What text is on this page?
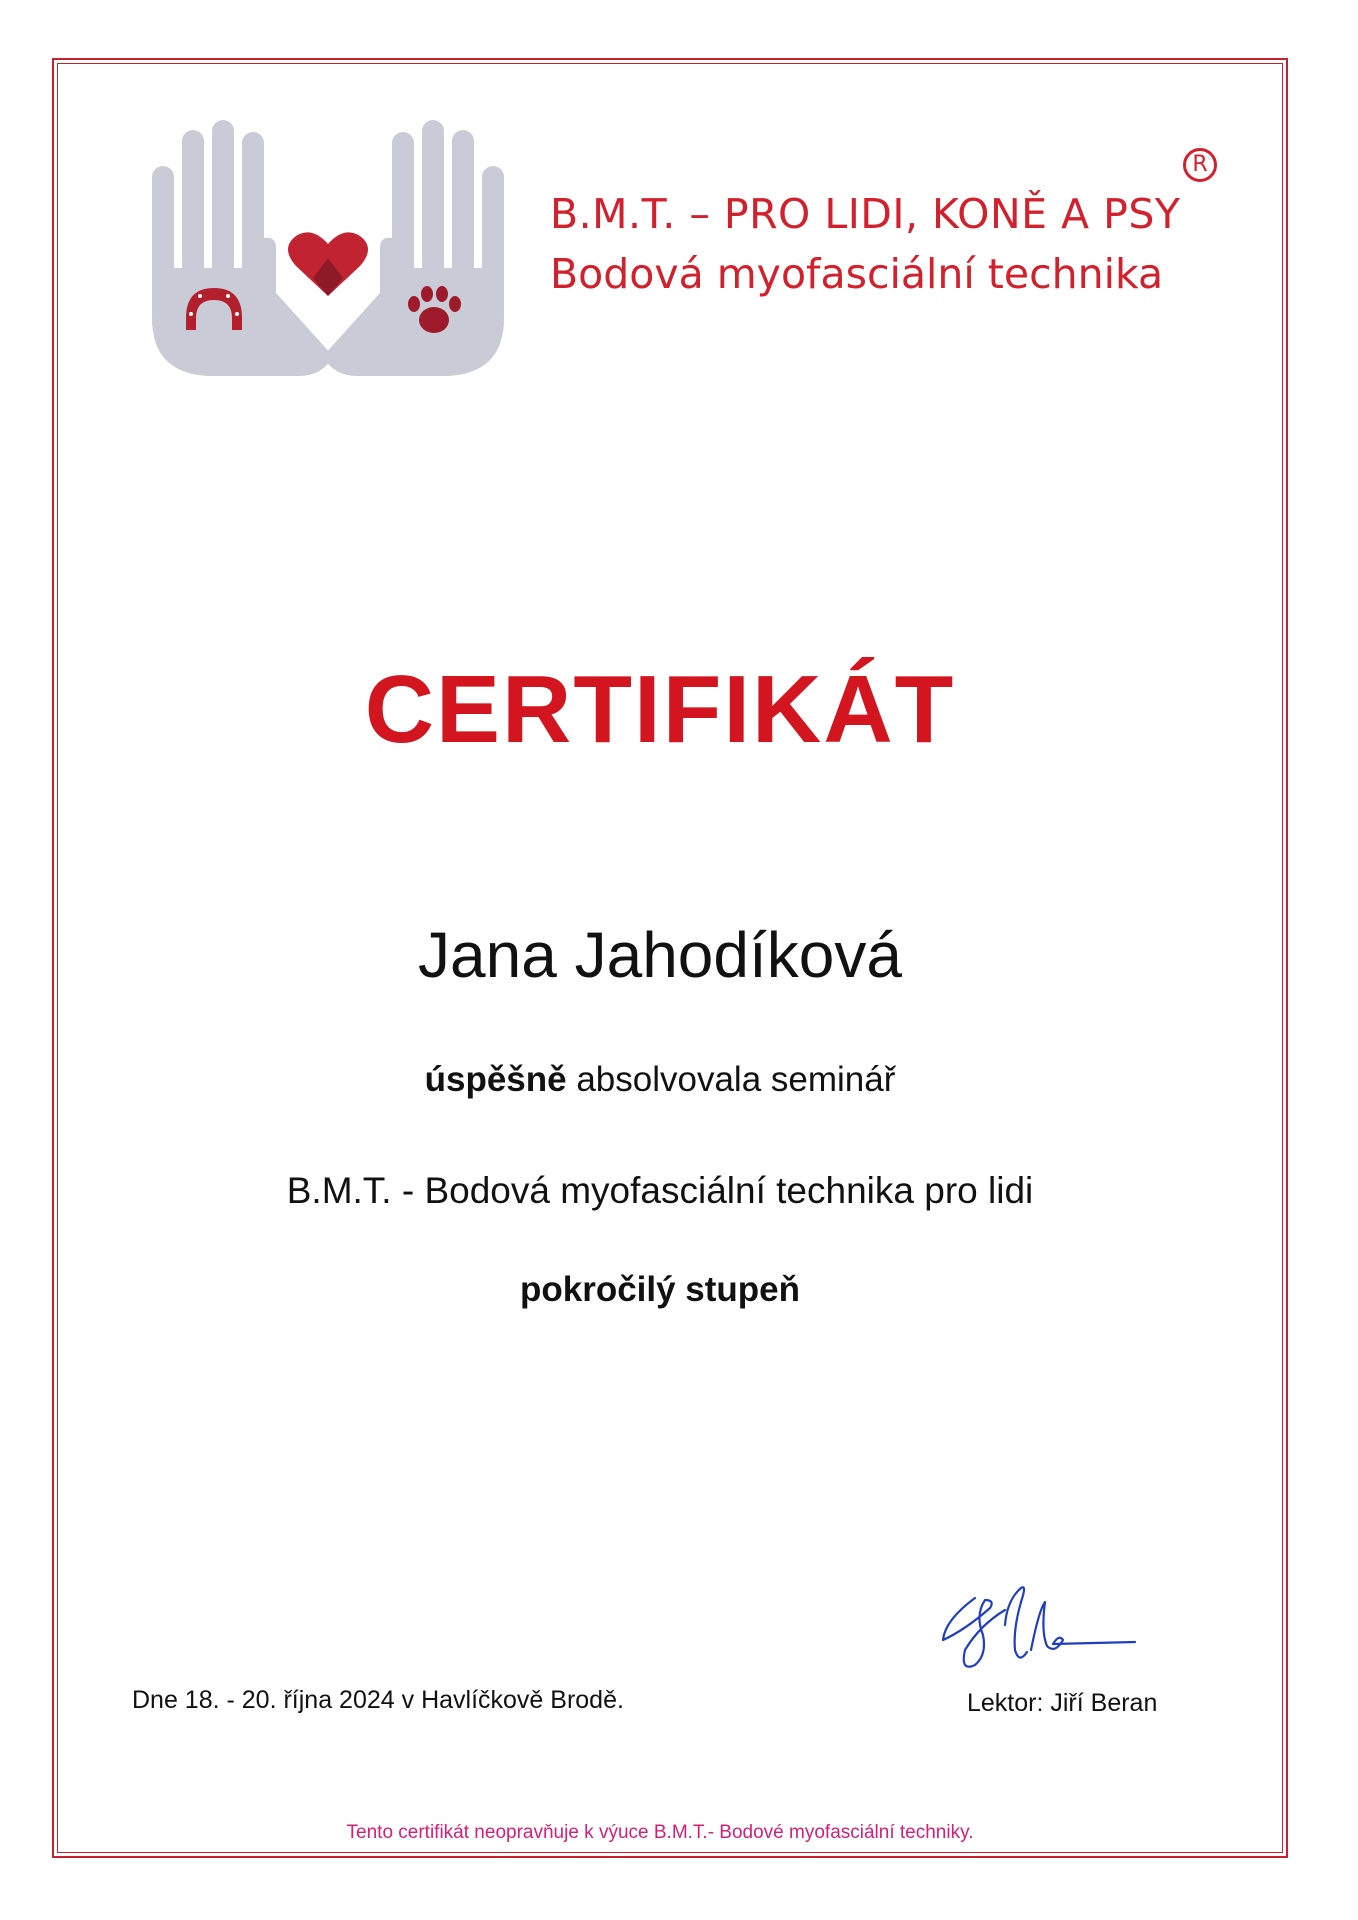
B.M.T. – PRO LIDI, KONĚ A PSY
Bodová myofasciální technika
R
CERTIFIKÁT
Jana Jahodíková
úspěšně absolvovala seminář
B.M.T. - Bodová myofasciální technika pro lidi
pokročilý stupeň
Dne 18. - 20. října 2024 v Havlíčkově Brodě.	Lektor: Jiří Beran
Tento certifikát neopravňuje k výuce B.M.T.- Bodové myofasciální techniky.
